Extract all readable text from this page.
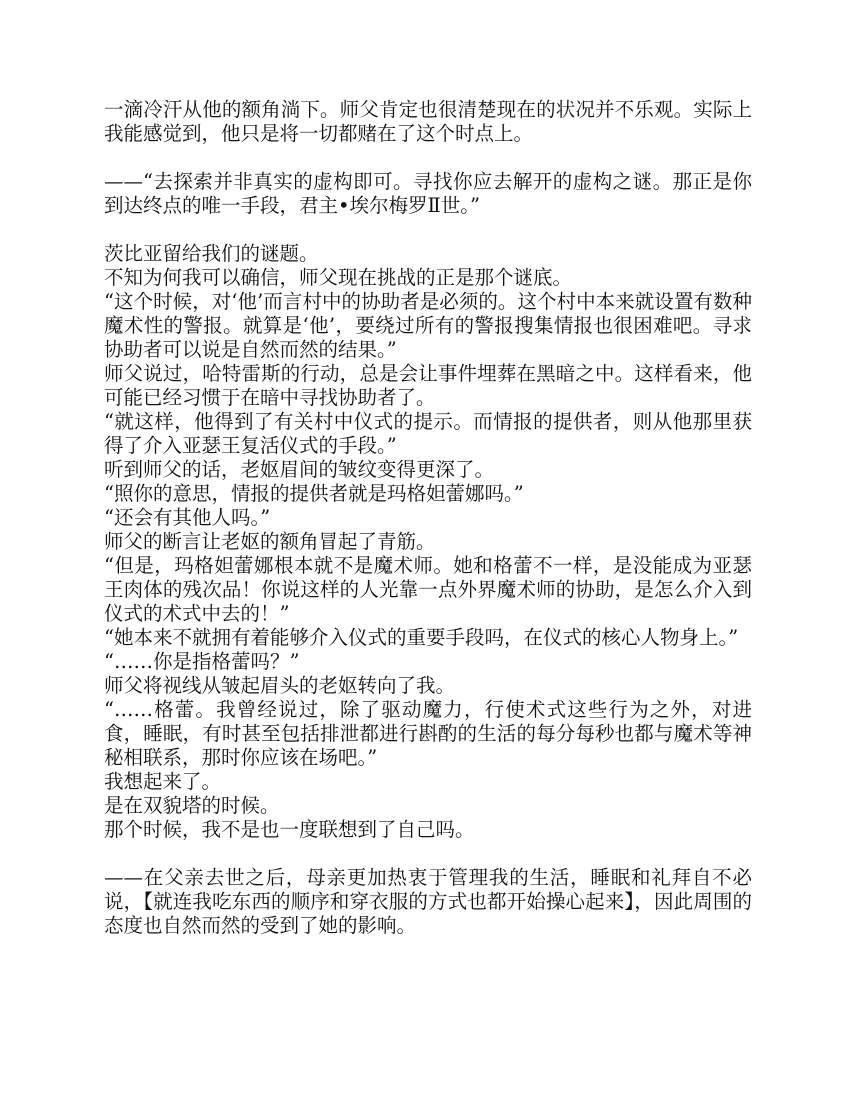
一滴冷汗从他的额角淌下。师父肯定也很清楚现在的状况并不乐观。实际上我能感觉到，他只是将一切都赌在了这个时点上。

——“去探索并非真实的虚构即可。寻找你应去解开的虚构之谜。那正是你到达终点的唯一手段，君主•埃尔梅罗Ⅱ世。”

茨比亚留给我们的谜题。

不知为何我可以确信，师父现在挑战的正是那个谜底。

“这个时候，对‘他’而言村中的协助者是必须的。这个村中本来就设置有数种魔术性的警报。就算是‘他’，要绕过所有的警报搜集情报也很困难吧。寻求协助者可以说是自然而然的结果。”

师父说过，哈特雷斯的行动，总是会让事件埋葬在黑暗之中。这样看来，他可能已经习惯于在暗中寻找协助者了。

“就这样，他得到了有关村中仪式的提示。而情报的提供者，则从他那里获得了介入亚瑟王复活仪式的手段。”

听到师父的话，老妪眉间的皱纹变得更深了。

“照你的意思，情报的提供者就是玛格妲蕾娜吗。”

“还会有其他人吗。”

师父的断言让老妪的额角冒起了青筋。

“但是，玛格妲蕾娜根本就不是魔术师。她和格蕾不一样，是没能成为亚瑟王肉体的残次品！你说这样的人光靠一点外界魔术师的协助，是怎么介入到仪式的术式中去的！”

“她本来不就拥有着能够介入仪式的重要手段吗，在仪式的核心人物身上。”

“……你是指格蕾吗？”

师父将视线从皱起眉头的老妪转向了我。

“……格蕾。我曾经说过，除了驱动魔力，行使术式这些行为之外，对进食，睡眠，有时甚至包括排泄都进行斟酌的生活的每分每秒也都与魔术等神秘相联系，那时你应该在场吧。”

我想起来了。

是在双貌塔的时候。

那个时候，我不是也一度联想到了自己吗。

——在父亲去世之后，母亲更加热衷于管理我的生活，睡眠和礼拜自不必说，【就连我吃东西的顺序和穿衣服的方式也都开始操心起来】，因此周围的态度也自然而然的受到了她的影响。
